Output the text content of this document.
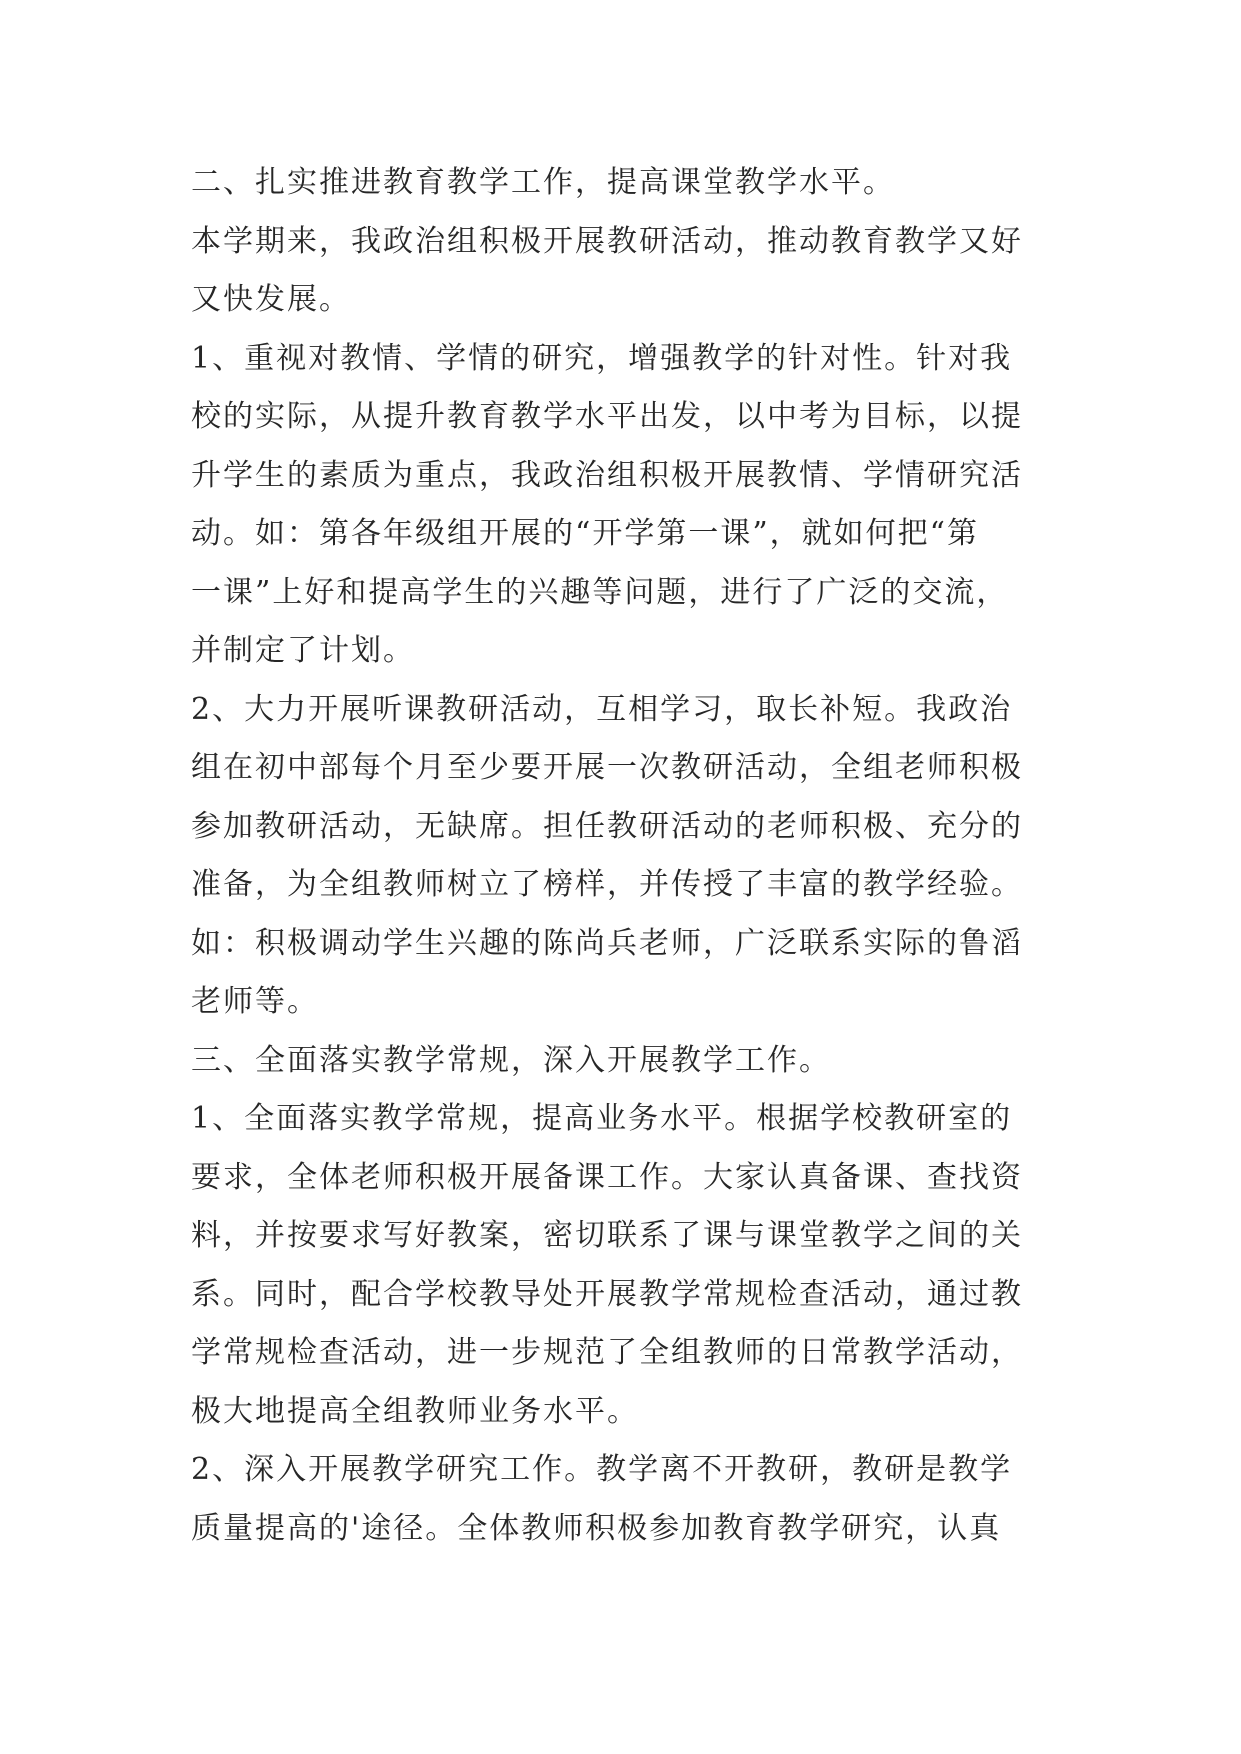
二、扎实推进教育教学工作，提高课堂教学水平。
本学期来，我政治组积极开展教研活动，推动教育教学又好
又快发展。
1、重视对教情、学情的研究，增强教学的针对性。针对我
校的实际，从提升教育教学水平出发，以中考为目标，以提
升学生的素质为重点，我政治组积极开展教情、学情研究活
动。如：第各年级组开展的“开学第一课”，就如何把“第
一课”上好和提高学生的兴趣等问题，进行了广泛的交流，
并制定了计划。
2、大力开展听课教研活动，互相学习，取长补短。我政治
组在初中部每个月至少要开展一次教研活动，全组老师积极
参加教研活动，无缺席。担任教研活动的老师积极、充分的
准备，为全组教师树立了榜样，并传授了丰富的教学经验。
如：积极调动学生兴趣的陈尚兵老师，广泛联系实际的鲁滔
老师等。
三、全面落实教学常规，深入开展教学工作。
1、全面落实教学常规，提高业务水平。根据学校教研室的
要求，全体老师积极开展备课工作。大家认真备课、查找资
料，并按要求写好教案，密切联系了课与课堂教学之间的关
系。同时，配合学校教导处开展教学常规检查活动，通过教
学常规检查活动，进一步规范了全组教师的日常教学活动，
极大地提高全组教师业务水平。
2、深入开展教学研究工作。教学离不开教研，教研是教学
质量提高的'途径。全体教师积极参加教育教学研究，认真
